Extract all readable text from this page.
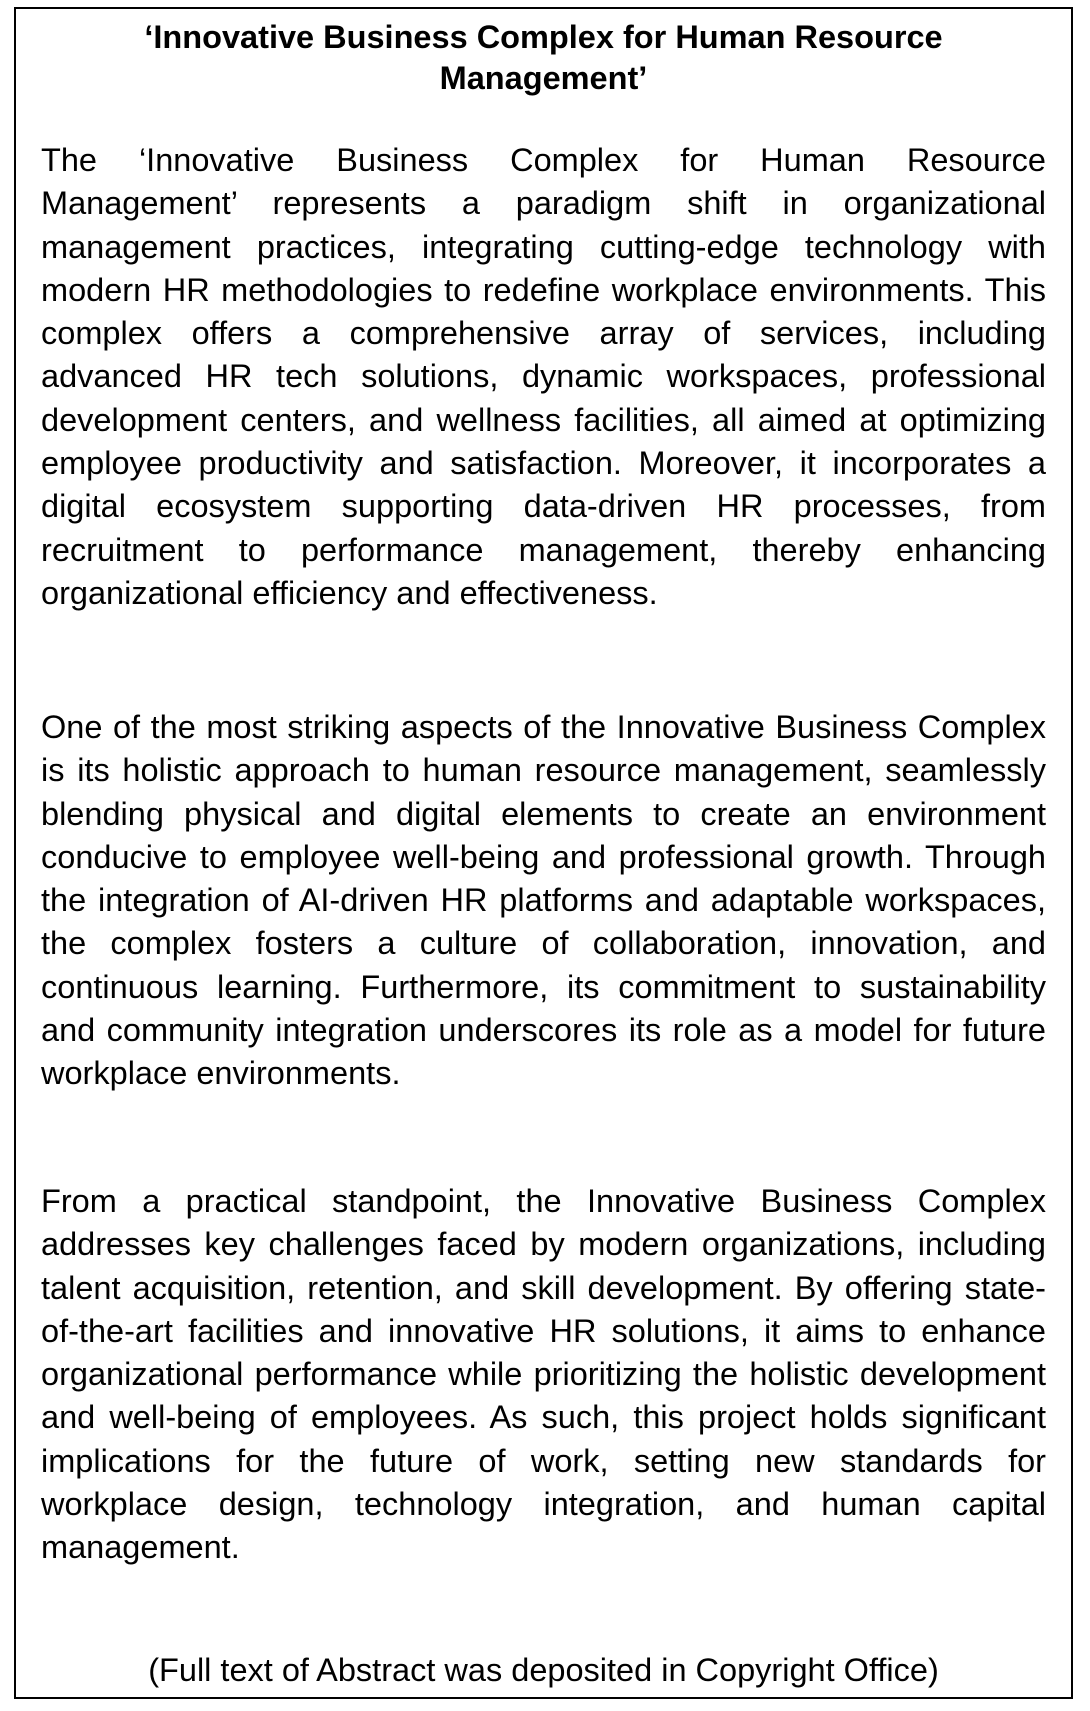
‘Innovative Business Complex for Human Resource Management’

The ‘Innovative Business Complex for Human Resource Management’ represents a paradigm shift in organizational management practices, integrating cutting-edge technology with modern HR methodologies to redefine workplace environments. This complex offers a comprehensive array of services, including advanced HR tech solutions, dynamic workspaces, professional development centers, and wellness facilities, all aimed at optimizing employee productivity and satisfaction. Moreover, it incorporates a digital ecosystem supporting data-driven HR processes, from recruitment to performance management, thereby enhancing organizational efficiency and effectiveness.

One of the most striking aspects of the Innovative Business Complex is its holistic approach to human resource management, seamlessly blending physical and digital elements to create an environment conducive to employee well-being and professional growth. Through the integration of AI-driven HR platforms and adaptable workspaces, the complex fosters a culture of collaboration, innovation, and continuous learning. Furthermore, its commitment to sustainability and community integration underscores its role as a model for future workplace environments.

From a practical standpoint, the Innovative Business Complex addresses key challenges faced by modern organizations, including talent acquisition, retention, and skill development. By offering state-of-the-art facilities and innovative HR solutions, it aims to enhance organizational performance while prioritizing the holistic development and well-being of employees. As such, this project holds significant implications for the future of work, setting new standards for workplace design, technology integration, and human capital management.

(Full text of Abstract was deposited in Copyright Office)
